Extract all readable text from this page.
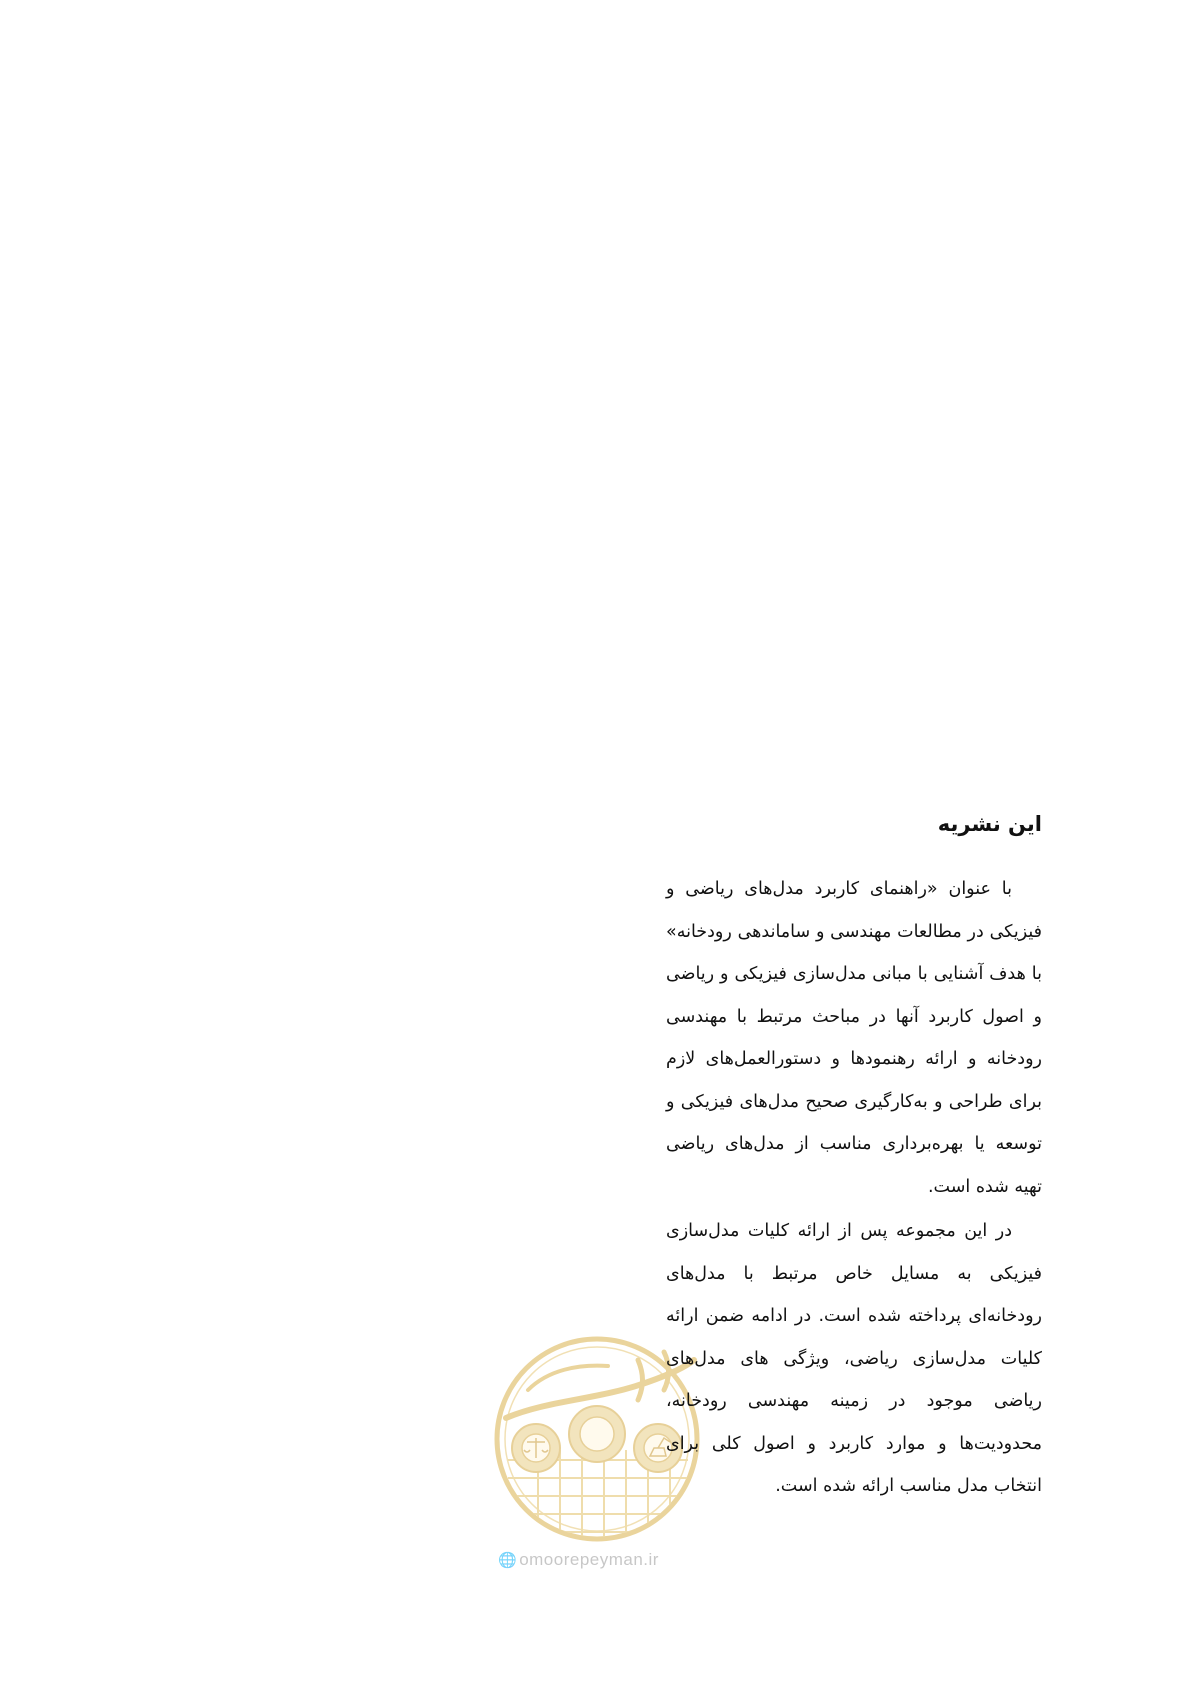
این نشریه

با عنوان «راهنمای کاربرد مدل‌های ریاضی و فیزیکی در مطالعات مهندسی و ساماندهی رودخانه» با هدف آشنایی با مبانی مدل‌سازی فیزیکی و ریاضی و اصول کاربرد آنها در مباحث مرتبط با مهندسی رودخانه و ارائه رهنمودها و دستورالعمل‌های لازم برای طراحی و به‌کارگیری صحیح مدل‌های فیزیکی و توسعه یا بهره‌برداری مناسب از مدل‌های ریاضی تهیه شده است.

در این مجموعه پس از ارائه کلیات مدل‌سازی فیزیکی به مسایل خاص مرتبط با مدل‌های رودخانه‌ای پرداخته شده است. در ادامه ضمن ارائه کلیات مدل‌سازی ریاضی، ویژگی های مدل‌های ریاضی موجود در زمینه مهندسی رودخانه، محدودیت‌ها و موارد کاربرد و اصول کلی برای انتخاب مدل مناسب ارائه شده است.

🌐 omoorepeyman.ir
